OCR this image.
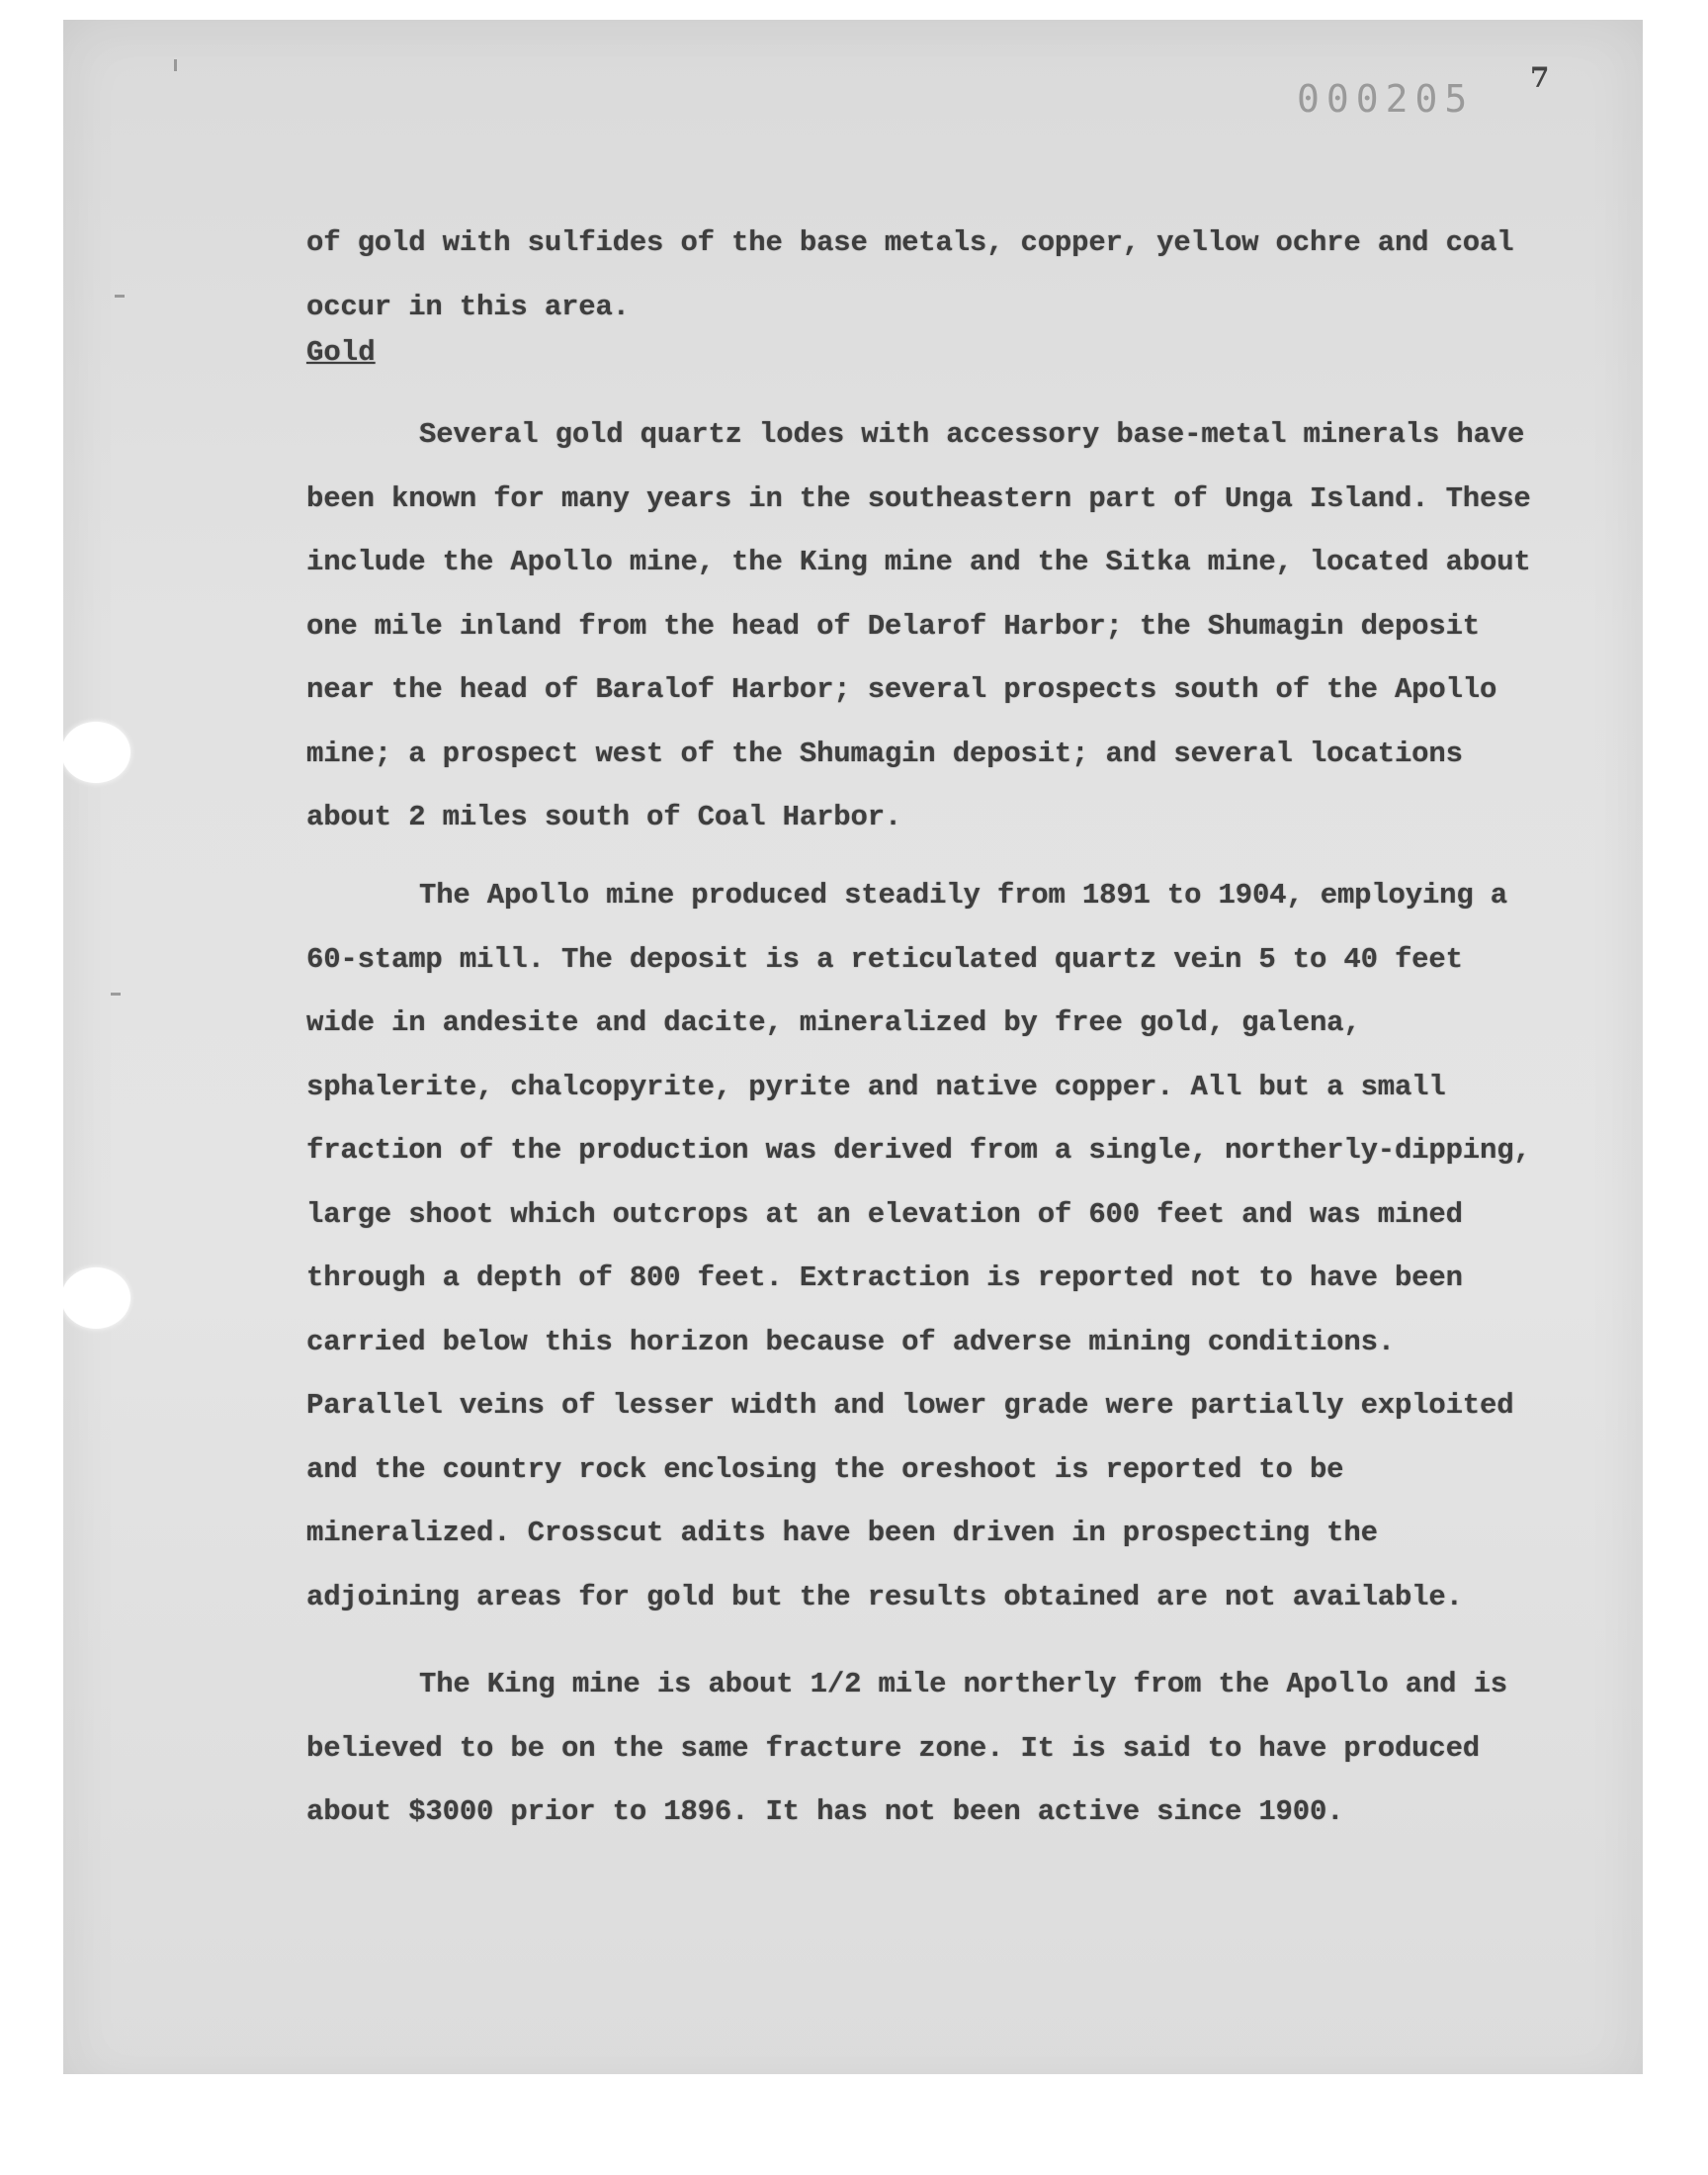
000205 7

of gold with sulfides of the base metals, copper, yellow ochre and coal occur in this area.

Gold

Several gold quartz lodes with accessory base-metal minerals have been known for many years in the southeastern part of Unga Island. These include the Apollo mine, the King mine and the Sitka mine, located about one mile inland from the head of Delarof Harbor; the Shumagin deposit near the head of Baralof Harbor; several prospects south of the Apollo mine; a prospect west of the Shumagin deposit; and several locations about 2 miles south of Coal Harbor.

The Apollo mine produced steadily from 1891 to 1904, employing a 60-stamp mill. The deposit is a reticulated quartz vein 5 to 40 feet wide in andesite and dacite, mineralized by free gold, galena, sphalerite, chalcopyrite, pyrite and native copper. All but a small fraction of the production was derived from a single, northerly-dipping, large shoot which outcrops at an elevation of 600 feet and was mined through a depth of 800 feet. Extraction is reported not to have been carried below this horizon because of adverse mining conditions. Parallel veins of lesser width and lower grade were partially exploited and the country rock enclosing the oreshoot is reported to be mineralized. Crosscut adits have been driven in prospecting the adjoining areas for gold but the results obtained are not available.

The King mine is about 1/2 mile northerly from the Apollo and is believed to be on the same fracture zone. It is said to have produced about $3000 prior to 1896. It has not been active since 1900.
